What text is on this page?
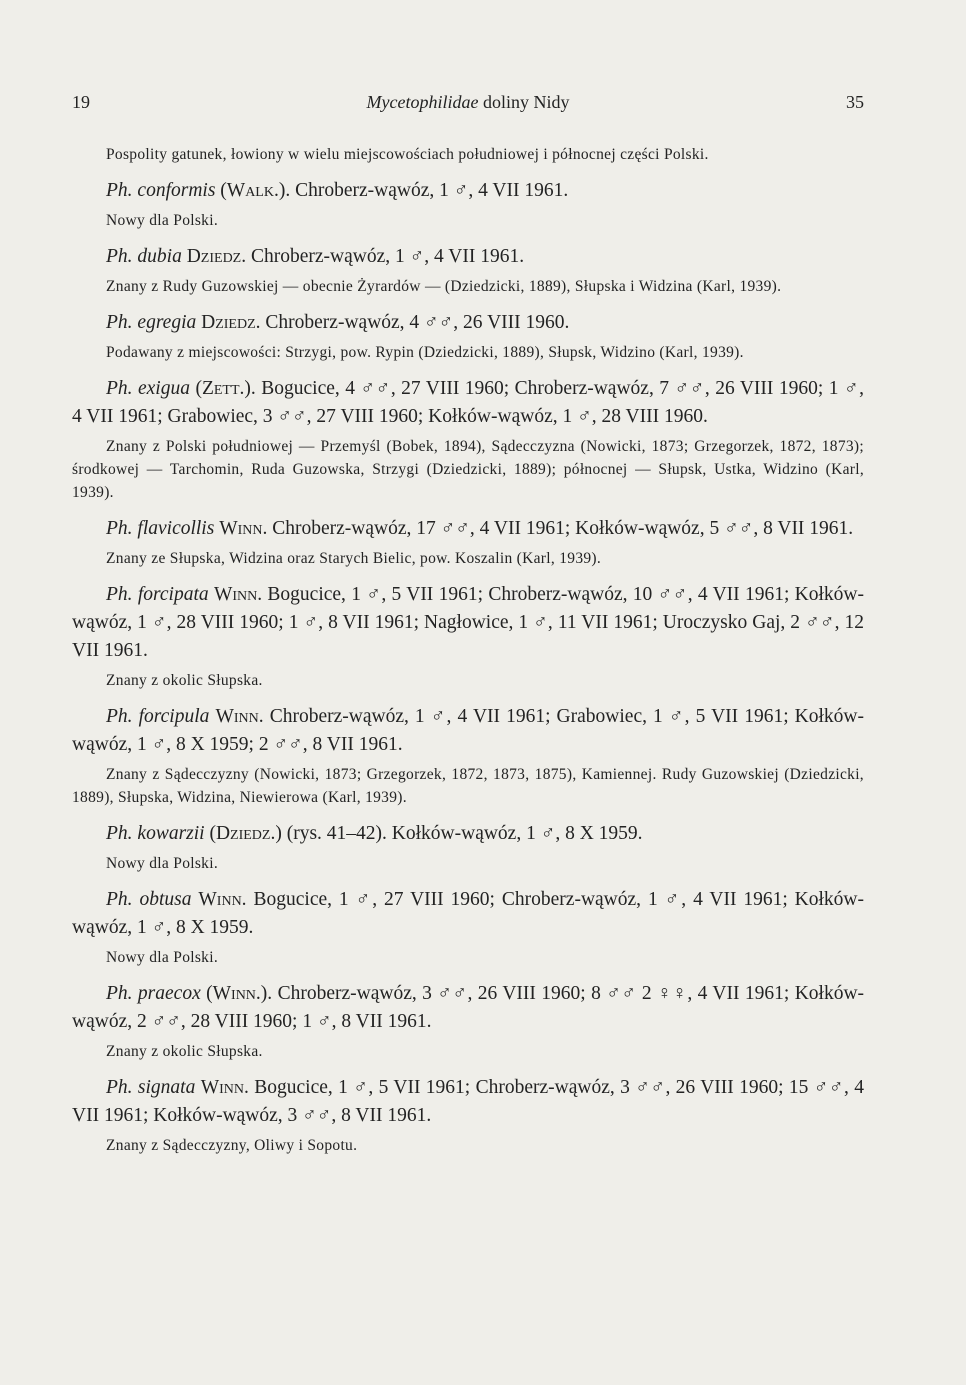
19	Mycetophilidae doliny Nidy	35

Pospolity gatunek, łowiony w wielu miejscowościach południowej i północnej części Polski.

Ph. conformis (Walk.). Chroberz-wąwóz, 1 ♂, 4 VII 1961.

Nowy dla Polski.

Ph. dubia Dziedz. Chroberz-wąwóz, 1 ♂, 4 VII 1961.

Znany z Rudy Guzowskiej — obecnie Żyrardów — (Dziedzicki, 1889), Słupska i Widzina (Karl, 1939).

Ph. egregia Dziedz. Chroberz-wąwóz, 4 ♂♂, 26 VIII 1960.

Podawany z miejscowości: Strzygi, pow. Rypin (Dziedzicki, 1889), Słupsk, Widzino (Karl, 1939).

Ph. exigua (Zett.). Bogucice, 4 ♂♂, 27 VIII 1960; Chroberz-wąwóz, 7 ♂♂, 26 VIII 1960; 1 ♂, 4 VII 1961; Grabowiec, 3 ♂♂, 27 VIII 1960; Kołków-wąwóz, 1 ♂, 28 VIII 1960.

Znany z Polski południowej — Przemyśl (Bobek, 1894), Sądecczyzna (Nowicki, 1873; Grzegorzek, 1872, 1873); środkowej — Tarchomin, Ruda Guzowska, Strzygi (Dziedzicki, 1889); północnej — Słupsk, Ustka, Widzino (Karl, 1939).

Ph. flavicollis Winn. Chroberz-wąwóz, 17 ♂♂, 4 VII 1961; Kołków-wąwóz, 5 ♂♂, 8 VII 1961.

Znany ze Słupska, Widzina oraz Starych Bielic, pow. Koszalin (Karl, 1939).

Ph. forcipata Winn. Bogucice, 1 ♂, 5 VII 1961; Chroberz-wąwóz, 10 ♂♂, 4 VII 1961; Kołków-wąwóz, 1 ♂, 28 VIII 1960; 1 ♂, 8 VII 1961; Nagłowice, 1 ♂, 11 VII 1961; Uroczysko Gaj, 2 ♂♂, 12 VII 1961.

Znany z okolic Słupska.

Ph. forcipula Winn. Chroberz-wąwóz, 1 ♂, 4 VII 1961; Grabowiec, 1 ♂, 5 VII 1961; Kołków-wąwóz, 1 ♂, 8 X 1959; 2 ♂♂, 8 VII 1961.

Znany z Sądecczyzny (Nowicki, 1873; Grzegorzek, 1872, 1873, 1875), Kamiennej. Rudy Guzowskiej (Dziedzicki, 1889), Słupska, Widzina, Niewierowa (Karl, 1939).

Ph. kowarzii (Dziedz.) (rys. 41–42). Kołków-wąwóz, 1 ♂, 8 X 1959.

Nowy dla Polski.

Ph. obtusa Winn. Bogucice, 1 ♂, 27 VIII 1960; Chroberz-wąwóz, 1 ♂, 4 VII 1961; Kołków-wąwóz, 1 ♂, 8 X 1959.

Nowy dla Polski.

Ph. praecox (Winn.). Chroberz-wąwóz, 3 ♂♂, 26 VIII 1960; 8 ♂♂ 2 ♀♀, 4 VII 1961; Kołków-wąwóz, 2 ♂♂, 28 VIII 1960; 1 ♂, 8 VII 1961.

Znany z okolic Słupska.

Ph. signata Winn. Bogucice, 1 ♂, 5 VII 1961; Chroberz-wąwóz, 3 ♂♂, 26 VIII 1960; 15 ♂♂, 4 VII 1961; Kołków-wąwóz, 3 ♂♂, 8 VII 1961.

Znany z Sądecczyzny, Oliwy i Sopotu.
